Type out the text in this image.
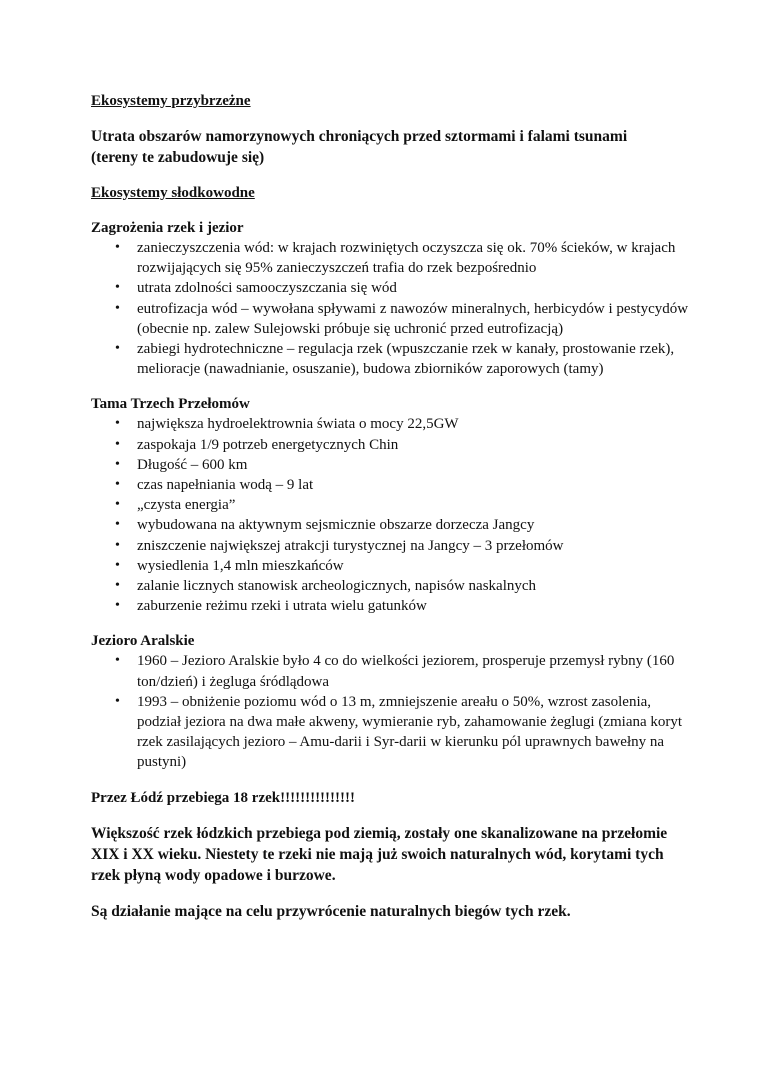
Ekosystemy przybrzeżne

Utrata obszarów namorzynowych chroniących przed sztormami i falami tsunami
(tereny te zabudowuje się)

Ekosystemy słodkowodne

Zagrożenia rzek i jezior

• zanieczyszczenia wód: w krajach rozwiniętych oczyszcza się ok. 70% ścieków, w krajach rozwijających się 95% zanieczyszczeń trafia do rzek bezpośrednio
• utrata zdolności samooczyszczania się wód
• eutrofizacja wód – wywołana spływami z nawozów mineralnych, herbicydów i pestycydów (obecnie np. zalew Sulejowski próbuje się uchronić przed eutrofizacją)
• zabiegi hydrotechniczne – regulacja rzek (wpuszczanie rzek w kanały, prostowanie rzek), melioracje (nawadnianie, osuszanie), budowa zbiorników zaporowych (tamy)

Tama Trzech Przełomów

• największa hydroelektrownia świata o mocy 22,5GW
• zaspokaja 1/9 potrzeb energetycznych Chin
• Długość – 600 km
• czas napełniania wodą – 9 lat
• „czysta energia”
• wybudowana na aktywnym sejsmicznie obszarze dorzecza Jangcy
• zniszczenie największej atrakcji turystycznej na Jangcy – 3 przełomów
• wysiedlenia 1,4 mln mieszkańców
• zalanie licznych stanowisk archeologicznych, napisów naskalnych
• zaburzenie reżimu rzeki i utrata wielu gatunków

Jezioro Aralskie

• 1960 – Jezioro Aralskie było 4 co do wielkości jeziorem, prosperuje przemysł rybny (160 ton/dzień) i żegluga śródlądowa
• 1993 – obniżenie poziomu wód o 13 m, zmniejszenie areału o 50%, wzrost zasolenia, podział jeziora na dwa małe akweny, wymieranie ryb, zahamowanie żeglugi (zmiana koryt rzek zasilających jezioro – Amu-darii i Syr-darii w kierunku pól uprawnych bawełny na pustyni)

Przez Łódź przebiega 18 rzek!!!!!!!!!!!!!!!

Większość rzek łódzkich przebiega pod ziemią, zostały one skanalizowane na przełomie XIX i XX wieku. Niestety te rzeki nie mają już swoich naturalnych wód, korytami tych rzek płyną wody opadowe i burzowe.

Są działanie mające na celu przywrócenie naturalnych biegów tych rzek.
